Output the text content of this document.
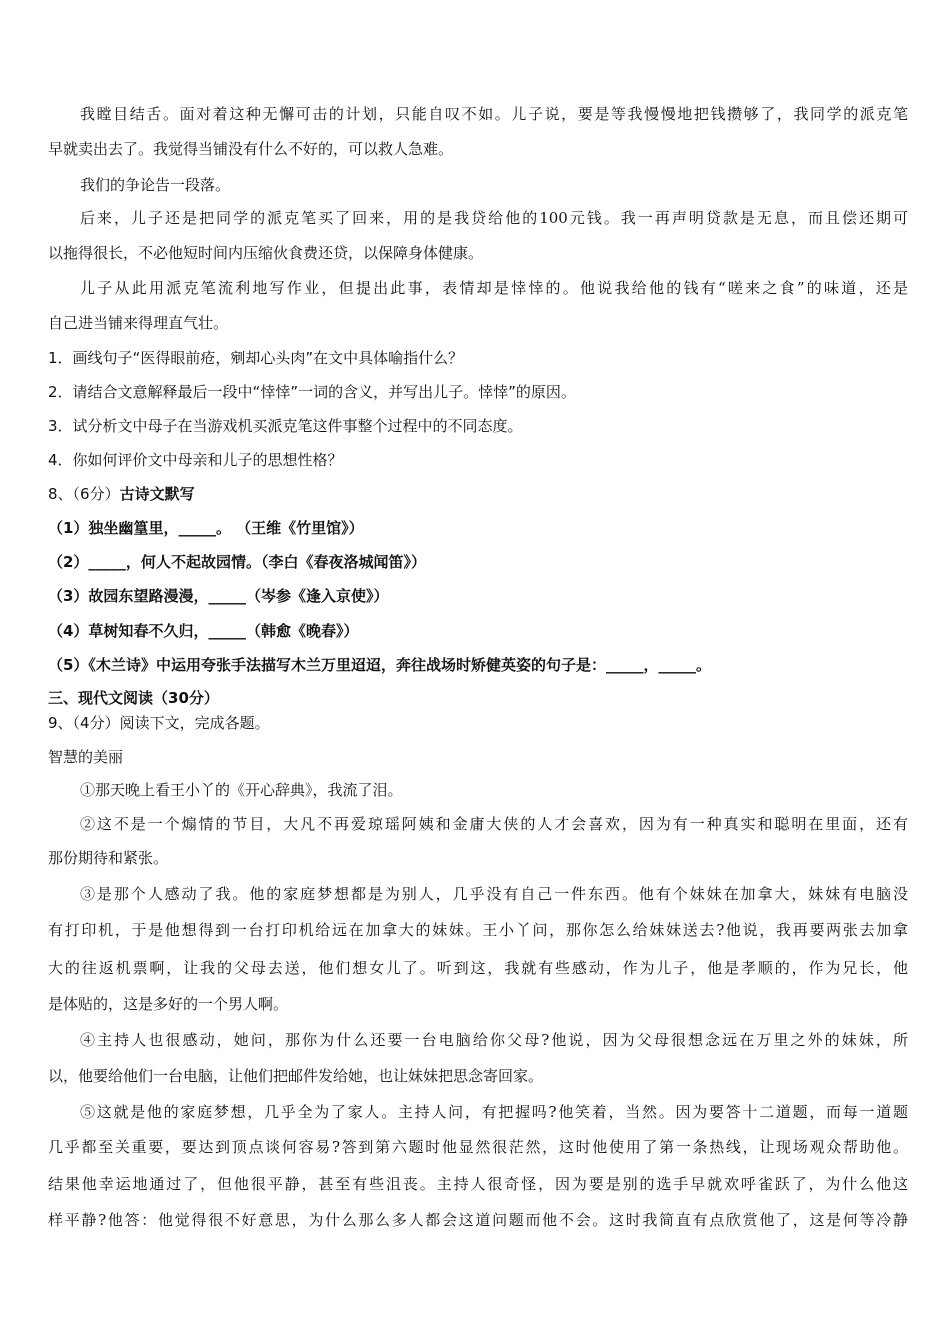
我瞠目结舌。面对着这种无懈可击的计划，只能自叹不如。儿子说，要是等我慢慢地把钱攒够了，我同学的派克笔
早就卖出去了。我觉得当铺没有什么不好的，可以救人急难。
我们的争论告一段落。
后来，儿子还是把同学的派克笔买了回来，用的是我贷给他的100元钱。我一再声明贷款是无息，而且偿还期可
以拖得很长，不必他短时间内压缩伙食费还贷，以保障身体健康。
儿子从此用派克笔流利地写作业，但提出此事，表情却是悻悻的。他说我给他的钱有“嗟来之食”的味道，还是
自己进当铺来得理直气壮。
1．画线句子“医得眼前疮，剜却心头肉”在文中具体喻指什么？
2．请结合文意解释最后一段中“悻悻”一词的含义，并写出儿子。悻悻”的原因。
3．试分析文中母子在当游戏机买派克笔这件事整个过程中的不同态度。
4．你如何评价文中母亲和儿子的思想性格？
8、（6分）古诗文默写
（1）独坐幽篁里，_____。 （王维《竹里馆》）
（2）_____，何人不起故园情。（李白《春夜洛城闻笛》）
（3）故园东望路漫漫，_____（岑参《逢入京使》）
（4）草树知春不久归，_____（韩愈《晚春》）
（5）《木兰诗》中运用夸张手法描写木兰万里迢迢，奔往战场时矫健英姿的句子是：_____，_____。
三、现代文阅读（30分）
9、（4分）阅读下文，完成各题。
智慧的美丽
①那天晚上看王小丫的《开心辞典》，我流了泪。
②这不是一个煽情的节目，大凡不再爱琼瑶阿姨和金庸大侠的人才会喜欢，因为有一种真实和聪明在里面，还有
那份期待和紧张。
③是那个人感动了我。他的家庭梦想都是为别人，几乎没有自己一件东西。他有个妹妹在加拿大，妹妹有电脑没
有打印机，于是他想得到一台打印机给远在加拿大的妹妹。王小丫问，那你怎么给妹妹送去?他说，我再要两张去加拿
大的往返机票啊，让我的父母去送，他们想女儿了。听到这，我就有些感动，作为儿子，他是孝顺的，作为兄长，他
是体贴的，这是多好的一个男人啊。
④主持人也很感动，她问，那你为什么还要一台电脑给你父母?他说，因为父母很想念远在万里之外的妹妹，所
以，他要给他们一台电脑，让他们把邮件发给她，也让妹妹把思念寄回家。
⑤这就是他的家庭梦想，几乎全为了家人。主持人问，有把握吗?他笑着，当然。因为要答十二道题，而每一道题
几乎都至关重要，要达到顶点谈何容易?答到第六题时他显然很茫然，这时他使用了第一条热线，让现场观众帮助他。
结果他幸运地通过了，但他很平静，甚至有些沮丧。主持人很奇怪，因为要是别的选手早就欢呼雀跃了，为什么他这
样平静?他答：他觉得很不好意思，为什么那么多人都会这道问题而他不会。这时我简直有点欣赏他了，这是何等冷静
